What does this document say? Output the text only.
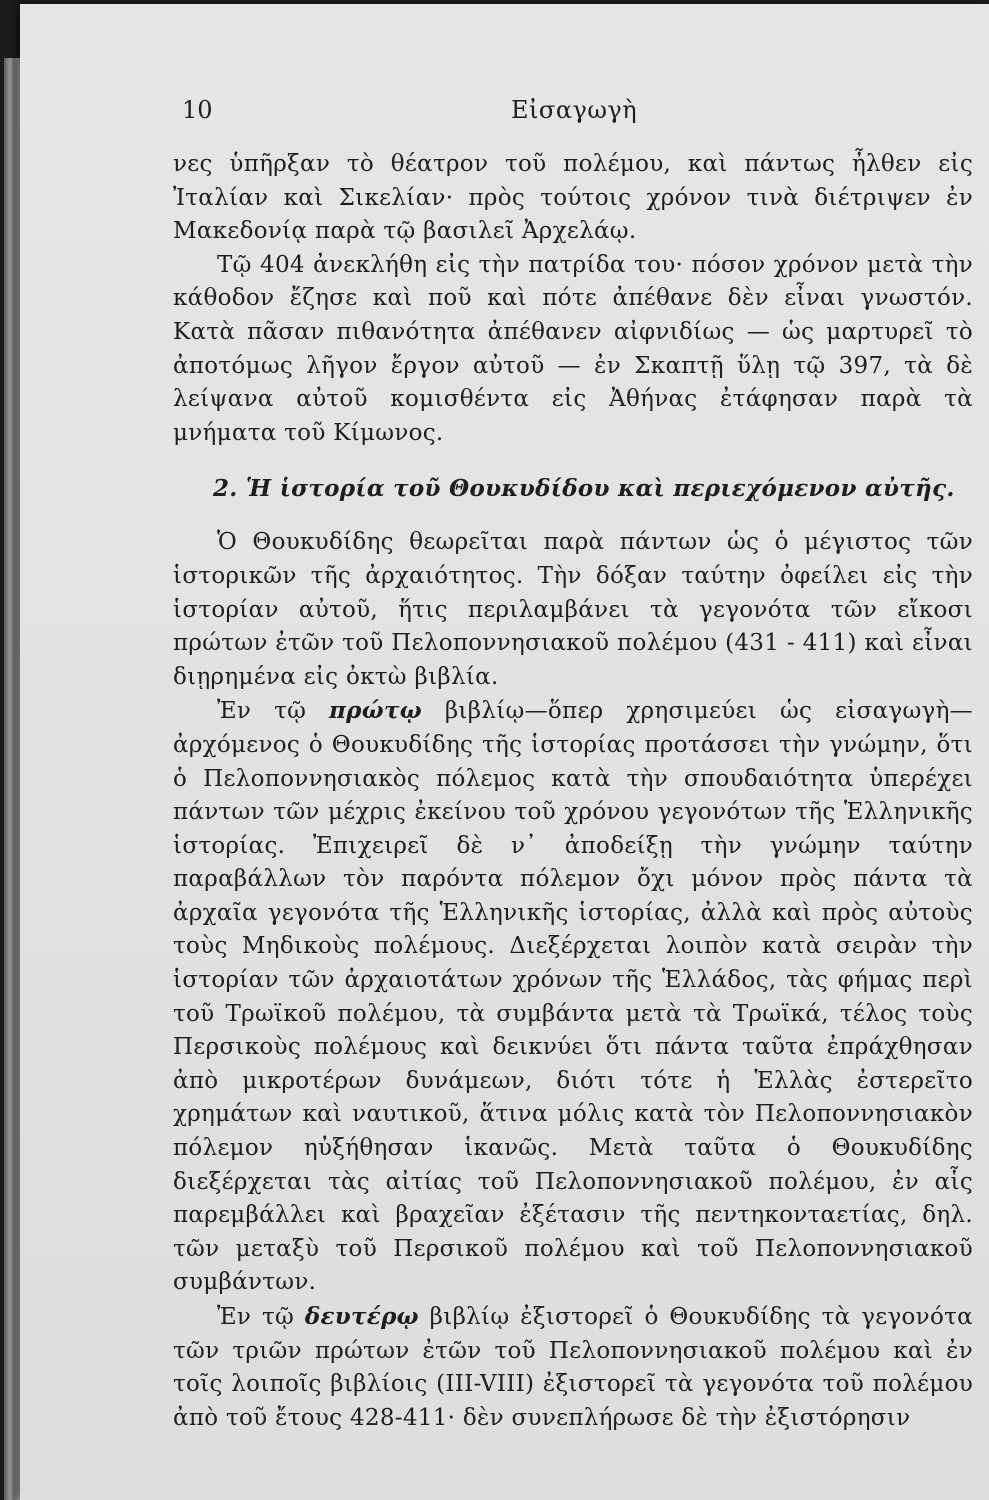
10	Εἰσαγωγὴ

νες ὑπῆρξαν τὸ θέατρον τοῦ πολέμου, καὶ πάντως ἦλθεν εἰς Ἰταλίαν καὶ Σικελίαν· πρὸς τούτοις χρόνον τινὰ διέτριψεν ἐν Μακεδονίᾳ παρὰ τῷ βασιλεῖ Ἀρχελάῳ.

Τῷ 404 ἀνεκλήθη εἰς τὴν πατρίδα του· πόσον χρόνον μετὰ τὴν κάθοδον ἔζησε καὶ ποῦ καὶ πότε ἀπέθανε δὲν εἶναι γνωστόν. Κατὰ πᾶσαν πιθανότητα ἀπέθανεν αἰφνιδίως — ὡς μαρτυρεῖ τὸ ἀποτόμως λῆγον ἔργον αὐτοῦ — ἐν Σκαπτῇ ὕλῃ τῷ 397, τὰ δὲ λείψανα αὐτοῦ κομισθέντα εἰς Ἀθήνας ἐτάφησαν παρὰ τὰ μνήματα τοῦ Κίμωνος.

2. Ἡ ἱστορία τοῦ Θουκυδίδου καὶ περιεχόμενον αὐτῆς.

Ὁ Θουκυδίδης θεωρεῖται παρὰ πάντων ὡς ὁ μέγιστος τῶν ἱστορικῶν τῆς ἀρχαιότητος. Τὴν δόξαν ταύτην ὀφείλει εἰς τὴν ἱστορίαν αὐτοῦ, ἥτις περιλαμβάνει τὰ γεγονότα τῶν εἴκοσι πρώτων ἐτῶν τοῦ Πελοποννησιακοῦ πολέμου (431 - 411) καὶ εἶναι διῃρημένα εἰς ὀκτὼ βιβλία.

Ἐν τῷ πρώτῳ βιβλίῳ—ὅπερ χρησιμεύει ὡς εἰσαγωγὴ—ἀρχόμενος ὁ Θουκυδίδης τῆς ἱστορίας προτάσσει τὴν γνώμην, ὅτι ὁ Πελοποννησιακὸς πόλεμος κατὰ τὴν σπουδαιότητα ὑπερέχει πάντων τῶν μέχρις ἐκείνου τοῦ χρόνου γεγονότων τῆς Ἑλληνικῆς ἱστορίας. Ἐπιχειρεῖ δὲ ν᾽ ἀποδείξῃ τὴν γνώμην ταύτην παραβάλλων τὸν παρόντα πόλεμον ὄχι μόνον πρὸς πάντα τὰ ἀρχαῖα γεγονότα τῆς Ἑλληνικῆς ἱστορίας, ἀλλὰ καὶ πρὸς αὐτοὺς τοὺς Μηδικοὺς πολέμους. Διεξέρχεται λοιπὸν κατὰ σειρὰν τὴν ἱστορίαν τῶν ἀρχαιοτάτων χρόνων τῆς Ἑλλάδος, τὰς φήμας περὶ τοῦ Τρωϊκοῦ πολέμου, τὰ συμβάντα μετὰ τὰ Τρωϊκά, τέλος τοὺς Περσικοὺς πολέμους καὶ δεικνύει ὅτι πάντα ταῦτα ἐπράχθησαν ἀπὸ μικροτέρων δυνάμεων, διότι τότε ἡ Ἑλλὰς ἐστερεῖτο χρημάτων καὶ ναυτικοῦ, ἅτινα μόλις κατὰ τὸν Πελοποννησιακὸν πόλεμον ηὐξήθησαν ἱκανῶς. Μετὰ ταῦτα ὁ Θουκυδίδης διεξέρχεται τὰς αἰτίας τοῦ Πελοποννησιακοῦ πολέμου, ἐν αἷς παρεμβάλλει καὶ βραχεῖαν ἐξέτασιν τῆς πεντηκονταετίας, δηλ. τῶν μεταξὺ τοῦ Περσικοῦ πολέμου καὶ τοῦ Πελοποννησιακοῦ συμβάντων.

Ἐν τῷ δευτέρῳ βιβλίῳ ἐξιστορεῖ ὁ Θουκυδίδης τὰ γεγονότα τῶν τριῶν πρώτων ἐτῶν τοῦ Πελοποννησιακοῦ πολέμου καὶ ἐν τοῖς λοιποῖς βιβλίοις (III-VIII) ἐξιστορεῖ τὰ γεγονότα τοῦ πολέμου ἀπὸ τοῦ ἔτους 428-411· δὲν συνεπλήρωσε δὲ τὴν ἐξιστόρησιν
